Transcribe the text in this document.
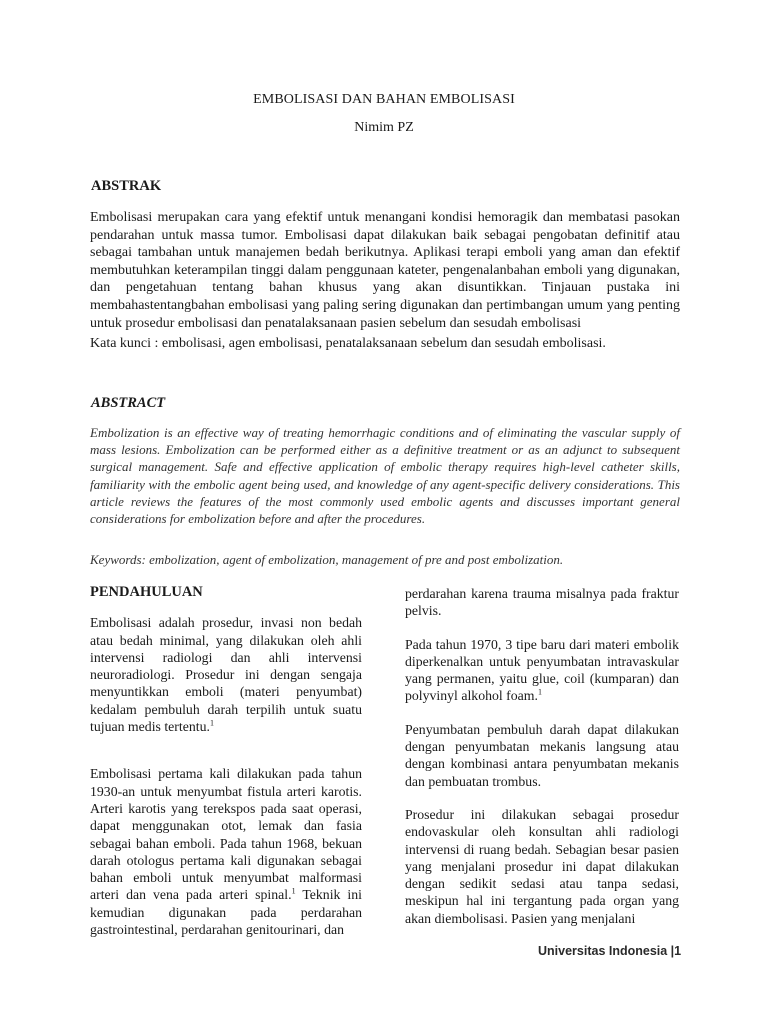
EMBOLISASI DAN BAHAN EMBOLISASI
Nimim PZ
ABSTRAK
Embolisasi merupakan cara yang efektif untuk menangani kondisi hemoragik dan membatasi pasokan pendarahan untuk massa tumor. Embolisasi dapat dilakukan baik sebagai pengobatan definitif atau sebagai tambahan untuk manajemen bedah berikutnya. Aplikasi terapi emboli yang aman dan efektif membutuhkan keterampilan tinggi dalam penggunaan kateter, pengenalanbahan emboli yang digunakan, dan pengetahuan tentang bahan khusus yang akan disuntikkan. Tinjauan pustaka ini membahastentangbahan embolisasi yang paling sering digunakan dan pertimbangan umum yang penting untuk prosedur embolisasi dan penatalaksanaan pasien sebelum dan sesudah embolisasi
Kata kunci : embolisasi, agen embolisasi, penatalaksanaan sebelum dan sesudah embolisasi.
ABSTRACT
Embolization is an effective way of treating hemorrhagic conditions and of eliminating the vascular supply of mass lesions. Embolization can be performed either as a definitive treatment or as an adjunct to subsequent surgical management. Safe and effective application of embolic therapy requires high-level catheter skills, familiarity with the embolic agent being used, and knowledge of any agent-specific delivery considerations. This article reviews the features of the most commonly used embolic agents and discusses important general considerations for embolization before and after the procedures.
Keywords: embolization, agent of embolization, management of pre and post embolization.
PENDAHULUAN

Embolisasi adalah prosedur, invasi non bedah atau bedah minimal, yang dilakukan oleh ahli intervensi radiologi dan ahli intervensi neuroradiologi. Prosedur ini dengan sengaja menyuntikkan emboli (materi penyumbat) kedalam pembuluh darah terpilih untuk suatu tujuan medis tertentu.$^1$

Embolisasi pertama kali dilakukan pada tahun 1930-an untuk menyumbat fistula arteri karotis. Arteri karotis yang terekspos pada saat operasi, dapat menggunakan otot, lemak dan fasia sebagai bahan emboli. Pada tahun 1968, bekuan darah otologus pertama kali digunakan sebagai bahan emboli untuk menyumbat malformasi arteri dan vena pada arteri spinal.$^1$ Teknik ini kemudian digunakan pada perdarahan gastrointestinal, perdarahan genitourinari, dan

perdarahan karena trauma misalnya pada fraktur pelvis.

Pada tahun 1970, 3 tipe baru dari materi embolik diperkenalkan untuk penyumbatan intravaskular yang permanen, yaitu glue, coil (kumparan) dan polyvinyl alkohol foam.$^1$

Penyumbatan pembuluh darah dapat dilakukan dengan penyumbatan mekanis langsung atau dengan kombinasi antara penyumbatan mekanis dan pembuatan trombus.

Prosedur ini dilakukan sebagai prosedur endovaskular oleh konsultan ahli radiologi intervensi di ruang bedah. Sebagian besar pasien yang menjalani prosedur ini dapat dilakukan dengan sedikit sedasi atau tanpa sedasi, meskipun hal ini tergantung pada organ yang akan diembolisasi. Pasien yang menjalani

Universitas Indonesia |1
